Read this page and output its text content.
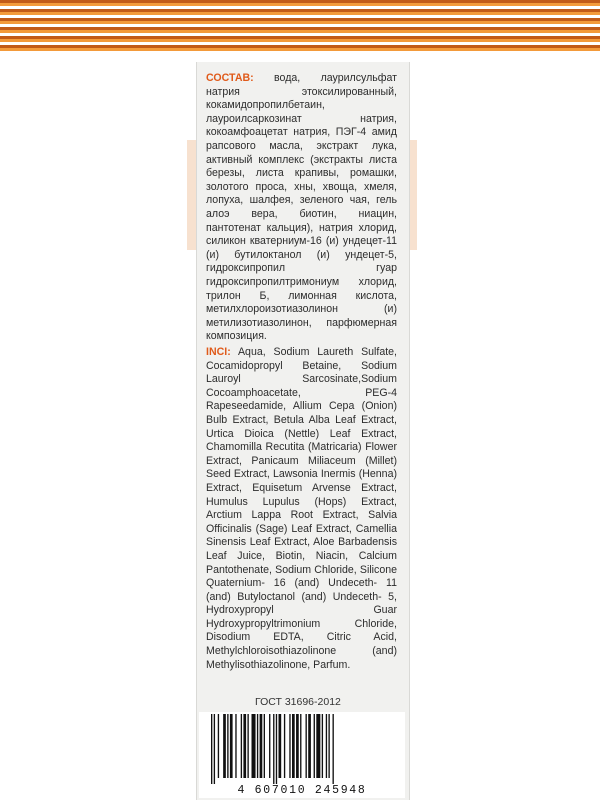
СОСТАВ: вода, лаурилсульфат натрия этоксилированный, кокамидопропилбетаин, лауроилсаркозинат натрия, кокоамфоацетат натрия, ПЭГ-4 амид рапсового масла, экстракт лука, активный комплекс (экстракты листа березы, листа крапивы, ромашки, золотого проса, хны, хвоща, хмеля, лопуха, шалфея, зеленого чая, гель алоэ вера, биотин, ниацин, пантотенат кальция), натрия хлорид, силикон кватерниум-16 (и) ундецет-11 (и) бутилоктанол (и) ундецет-5, гидроксипропил гуар гидроксипропилтримониум хлорид, трилон Б, лимонная кислота, метилхлороизотиазолинон (и) метилизотиазолинон, парфюмерная композиция.
INCI: Aqua, Sodium Laureth Sulfate, Cocamidopropyl Betaine, Sodium Lauroyl Sarcosinate,Sodium Cocoamphoacetate, PEG-4 Rapeseedamide, Allium Cepa (Onion) Bulb Extract, Betula Alba Leaf Extract, Urtica Dioica (Nettle) Leaf Extract, Chamomilla Recutita (Matricaria) Flower Extract, Panicaum Miliaceum (Millet) Seed Extract, Lawsonia Inermis (Henna) Extract, Equisetum Arvense Extract, Humulus Lupulus (Hops) Extract, Arctium Lappa Root Extract, Salvia Officinalis (Sage) Leaf Extract, Camellia Sinensis Leaf Extract, Aloe Barbadensis Leaf Juice, Biotin, Niacin, Calcium Pantothenate, Sodium Chloride, Silicone Quaternium- 16 (and) Undeceth- 11 (and) Butyloctanol (and) Undeceth- 5, Hydroxypropyl Guar Hydroxypropyltrimonium Chloride, Disodium EDTA, Citric Acid, Methylchloroisothiazolinone (and) Methylisothiazolinone, Parfum.
ГОСТ 31696-2012
4 607010 245948
